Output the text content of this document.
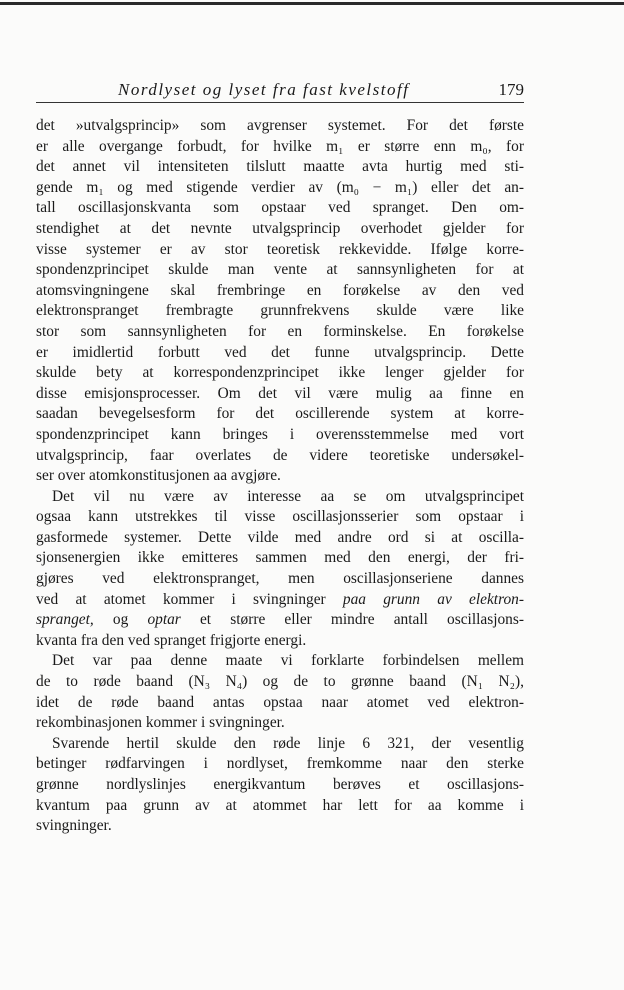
Nordlyset og lyset fra fast kvelstoff	179
det »utvalgsprincip» som avgrenser systemet. For det første
er alle overgange forbudt, for hvilke m₁ er større enn m₀, for
det annet vil intensiteten tilslutt maatte avta hurtig med sti-
gende m₁ og med stigende verdier av (m₀ − m₁) eller det an-
tall oscillasjonskvanta som opstaar ved spranget. Den om-
stendighet at det nevnte utvalgsprincip overhodet gjelder for
visse systemer er av stor teoretisk rekkevidde. Ifølge korre-
spondenzprincipet skulde man vente at sannsynligheten for at
atomsvingningene skal frembringe en forøkelse av den ved
elektronspranget frembragte grunnfrekvens skulde være like
stor som sannsynligheten for en forminskelse. En forøkelse
er imidlertid forbutt ved det funne utvalgsprincip. Dette
skulde bety at korrespondenzprincipet ikke lenger gjelder for
disse emisjonsprocesser. Om det vil være mulig aa finne en
saadan bevegelsesform for det oscillerende system at korre-
spondenzprincipet kann bringes i overensstemmelse med vort
utvalgsprincip, faar overlates de videre teoretiske undersøkel-
ser over atomkonstitusjonen aa avgjøre.
Det vil nu være av interesse aa se om utvalgsprincipet
ogsaa kann utstrekkes til visse oscillasjonsserier som opstaar i
gasformede systemer. Dette vilde med andre ord si at oscilla-
sjonsenergien ikke emitteres sammen med den energi, der fri-
gjøres ved elektronspranget, men oscillasjonseriene dannes
ved at atomet kommer i svingninger paa grunn av elektron-
spranget, og optar et større eller mindre antall oscillasjons-
kvanta fra den ved spranget frigjorte energi.
Det var paa denne maate vi forklarte forbindelsen mellem
de to røde baand (N₃ N₄) og de to grønne baand (N₁ N₂),
idet de røde baand antas opstaa naar atomet ved elektron-
rekombinasjonen kommer i svingninger.
Svarende hertil skulde den røde linje 6 321, der vesentlig
betinger rødfarvingen i nordlyset, fremkomme naar den sterke
grønne nordlyslinjes energikvantum berøves et oscillasjons-
kvantum paa grunn av at atommet har lett for aa komme i
svingninger.
